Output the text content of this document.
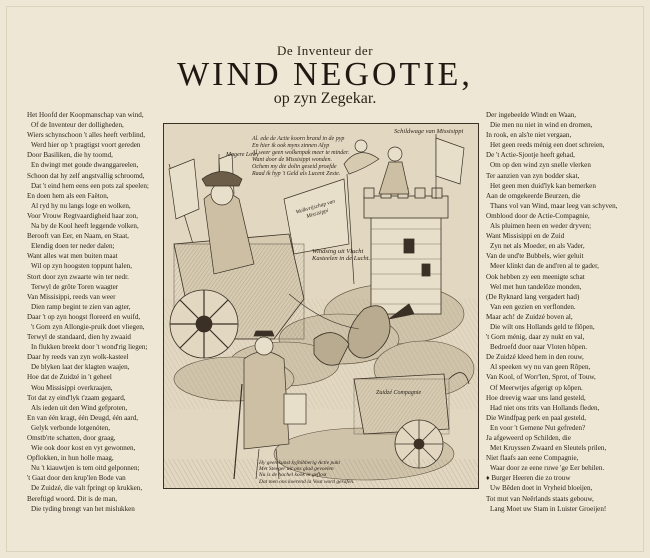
De Inventeur der
WIND NEGOTIE,
op zyn Zegekar.
Het Hoofd der Koopmanschap van wind,
Of de Inventeur der dolligheden,
Wiers schynschoon 't alles heeft verblind,
Werd hier op 't pragtigst voort gereden
Door Basiliken, die hy toomd,
En dwingt met goude dwanggareelen,
Schoon dat hy zelf angstvallig schroomd,
Dat 't eind hem eens een pots zal speelen;
En doen hem als een Faëton,
Al ryd hy nu langs loge en wolken,
Voor Vrouw Regtvaardigheid haar zon,
Na by de Kool heeft leggende volken,
Berooft van Eer, en Naam, en Staat,
Elendig doen ter neder dalen;
Want alles wat men buiten maat
Wil op zyn hoogsten toppunt halen,
Stort door zyn zwaarte win ter nedr.
Terwyl de grôte Toren waagter
Van Missisippi, reeds van weer
Dien ramp begint te zien van agter,
Daar 't op zyn hoogst floreerd en wuifd,
't Gorn zyn Allongie-pruik doet vliegen,
Terwyl de standaard, dien hy zwaaid
In flukken breekt door 't wond'rig liegen;
Daar hy reeds van zyn wolk-kasteel
De blyken laat der klagten waajen,
Hoe dat de Zuidzé in 't geheel
Wou Missisippi overkraajen,
Tot dat zy eind'lyk t'zaam gegaard,
Als ieden uit den Wind gefproten,
En van één kragt, één Deugd, één aard,
Gelyk verbonde lotgenóten,
Omstb'rte schatten, door graag,
Wie ook door kost en vyt gewonnen,
Opflokken, in hun holle maag,
Nu 't kiauwtjen is tem oitd gelponnen;
't Gaat door den krup'len Bode van
De Zuidzé, die valt fpringt op krukken,
Bereftigd woord. Dit is de man,
Die tyding brengt van het mislukken
Der ingebeelde Windt en Waan,
Die men nu niet in wind en dromen,
In rook, en als'te niet vergaan,
Het geen reeds ménig een doet schreien,
De 't Actie-Sjootje heeft gehad,
Om op den wind zyn snelle vlerken
Ter aanzien van zyn bodder skat,
Het geen men duid'lyk kan bemerken
Aan de omgekeerde Beurzen, die
Thans vol van Wind, maar leeg van schyven,
Omblood door de Actie-Compagnie,
Als pluimen heen en weder dryven;
Want Missisippi en de Zuid
Zyn net als Moeder, en als Vader,
Van de und'te Bubbels, wier geluit
Meer klinkt dan de and'ren al te gader,
Ook hebben zy een meenigte schat
Wel met hun tandelôze monden,
(De Ryknard lang vergadert had)
Van een gezien en verflonden.
Maar ach! de Zuidzé boven al,
Die wilt ons Hollands geld te flôpen,
't Gorn ménig, daar zy nukt en val,
Bedroefd door naar Vloten hôpen.
De Zuidzé kleed hem in den rouw,
Al speeken wy nu van geen Rôpen,
Van Kool, of Worr'len, Sprot, of Touw,
Of Meerwtjes afgerigt op kôpen.
Hoe dreevig waar uns land gesteld,
Had niet ons trits van Hollands fleden,
Die Windfpag perk en paal gesteld,
En voor 't Gemene Nut gefreden?
Ja afgeweerd op Schilden, die
Met Kruyssen Zwaard en Sleutels prilen,
Niet flaafs aan eene Compagnie,
Waar door ze eene ruwe 'ge Eer behilen.
♦ Burger Heeren die zo trouw
Uw Bêden doet in Vryheid bloeijen,
Tot mut van Neêrlands staats gebouw,
Lang Moet uw Stam in Luister Groeijen!
Magere Lowy
Al. ede de Actie koorn brand in de pyp
En hier ik ook myns zinnen Alyp
Al weer geen wolkenpak meer te minder.
Want door de Missisippi wonden.
Ochem my die dolin geseid proefde
Raad ik hyp 't Geld als Lucent Zeste.
Schildwage van Missisippi
Wolkvrijschap van Missisippi
Windsing uit Vlucht Kasteelen in de Lucht.
Zuidzé Compagnie
Hy geen kunst kyjhibberig Actie pakt
Met Steeger uit ons glad gevoelen
Nu is de hachel kook in geflost
Dat men ons koerend la Vout word gerafen.
